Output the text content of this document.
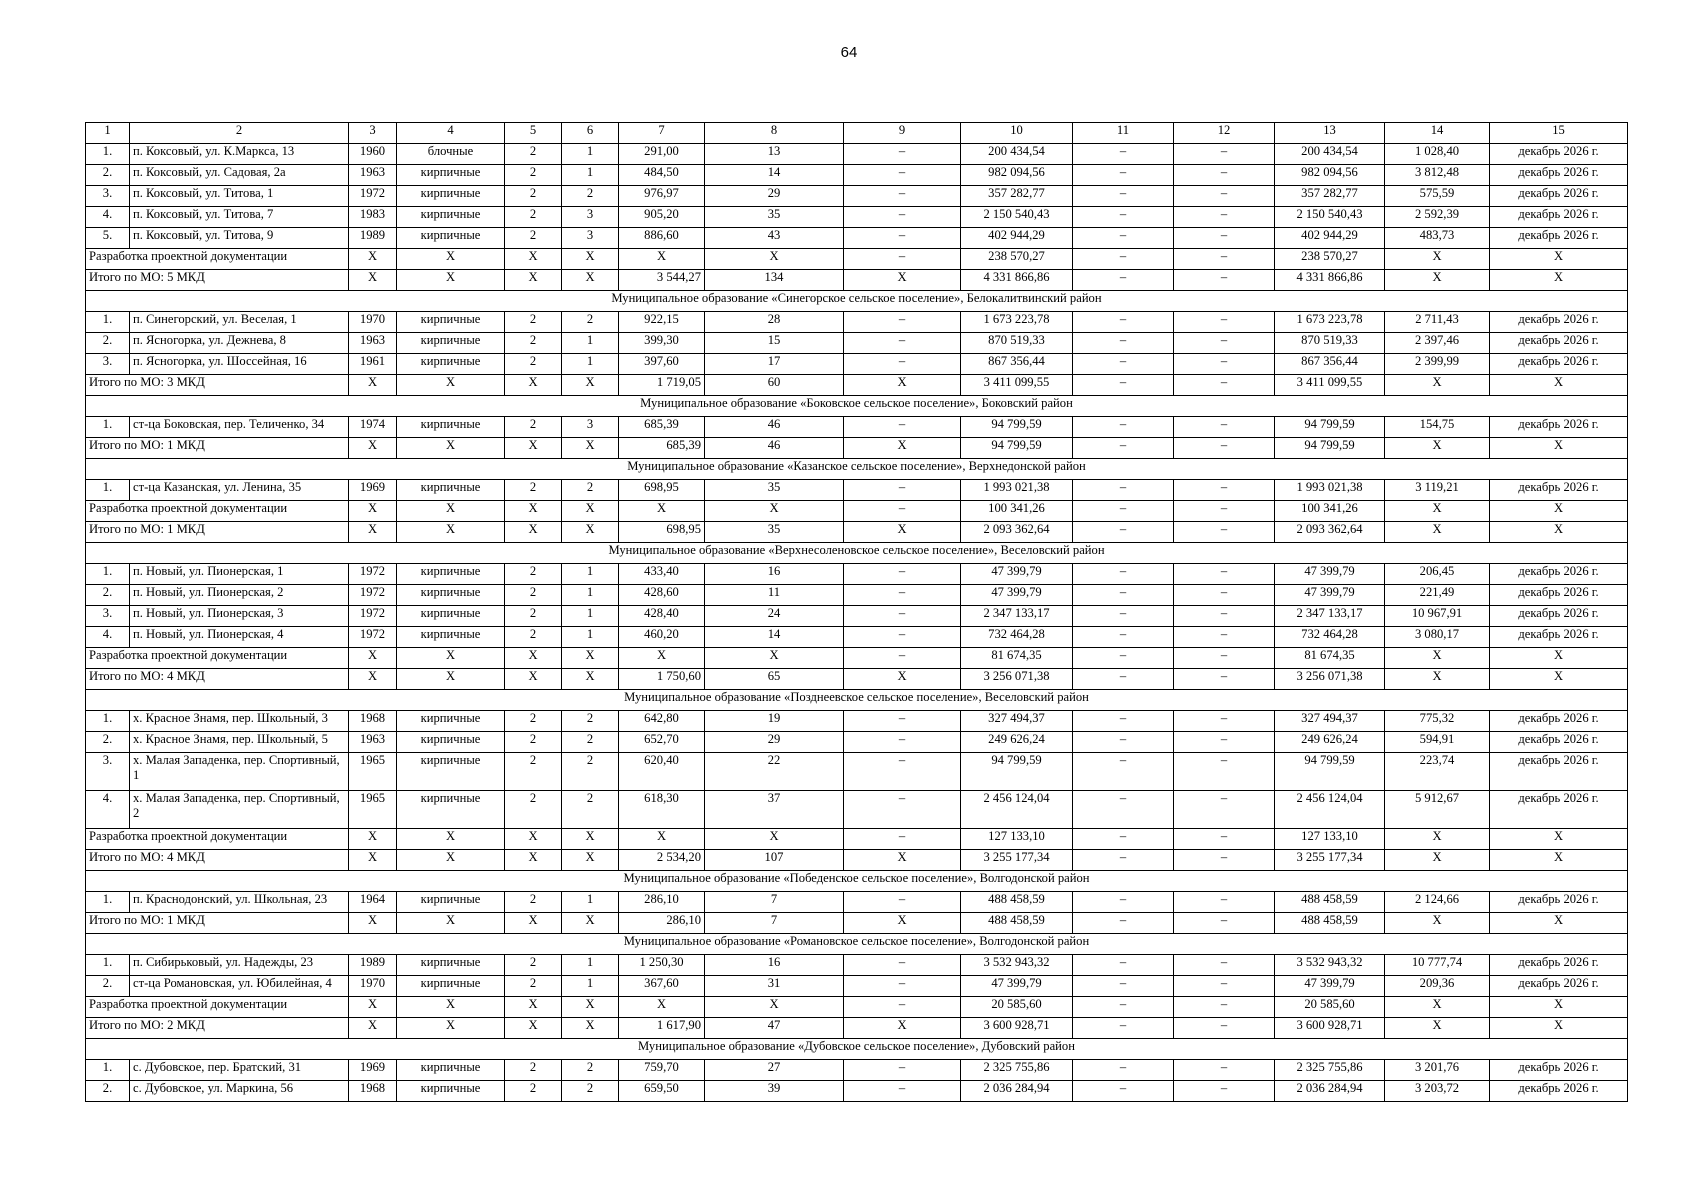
64
1	2	3	4	5	6	7	8	9	10	11	12	13	14	15
1.	п. Коксовый, ул. К.Маркса, 13	1960	блочные	2	1	291,00	13	–	200 434,54	–	–	200 434,54	1 028,40	декабрь 2026 г.
2.	п. Коксовый, ул. Садовая, 2а	1963	кирпичные	2	1	484,50	14	–	982 094,56	–	–	982 094,56	3 812,48	декабрь 2026 г.
3.	п. Коксовый, ул. Титова, 1	1972	кирпичные	2	2	976,97	29	–	357 282,77	–	–	357 282,77	575,59	декабрь 2026 г.
4.	п. Коксовый, ул. Титова, 7	1983	кирпичные	2	3	905,20	35	–	2 150 540,43	–	–	2 150 540,43	2 592,39	декабрь 2026 г.
5.	п. Коксовый, ул. Титова, 9	1989	кирпичные	2	3	886,60	43	–	402 944,29	–	–	402 944,29	483,73	декабрь 2026 г.
Разработка проектной документации		X	X	X	X	X	X	–	238 570,27	–	–	238 570,27	X	X
Итого по МО: 5 МКД		X	X	X	X	3 544,27	134	X	4 331 866,86	–	–	4 331 866,86	X	X
Муниципальное образование «Синегорское сельское поселение», Белокалитвинский район														
1.	п. Синегорский, ул. Веселая, 1	1970	кирпичные	2	2	922,15	28	–	1 673 223,78	–	–	1 673 223,78	2 711,43	декабрь 2026 г.
2.	п. Ясногорка, ул. Дежнева, 8	1963	кирпичные	2	1	399,30	15	–	870 519,33	–	–	870 519,33	2 397,46	декабрь 2026 г.
3.	п. Ясногорка, ул. Шоссейная, 16	1961	кирпичные	2	1	397,60	17	–	867 356,44	–	–	867 356,44	2 399,99	декабрь 2026 г.
Итого по МО: 3 МКД		X	X	X	X	1 719,05	60	X	3 411 099,55	–	–	3 411 099,55	X	X
Муниципальное образование «Боковское сельское поселение», Боковский район														
1.	ст-ца Боковская, пер. Теличенко, 34	1974	кирпичные	2	3	685,39	46	–	94 799,59	–	–	94 799,59	154,75	декабрь 2026 г.
Итого по МО: 1 МКД		X	X	X	X	685,39	46	X	94 799,59	–	–	94 799,59	X	X
Муниципальное образование «Казанское сельское поселение», Верхнедонской район														
1.	ст-ца Казанская, ул. Ленина, 35	1969	кирпичные	2	2	698,95	35	–	1 993 021,38	–	–	1 993 021,38	3 119,21	декабрь 2026 г.
Разработка проектной документации		X	X	X	X	X	X	–	100 341,26	–	–	100 341,26	X	X
Итого по МО: 1 МКД		X	X	X	X	698,95	35	X	2 093 362,64	–	–	2 093 362,64	X	X
Муниципальное образование «Верхнесоленовское сельское поселение», Веселовский район														
1.	п. Новый, ул. Пионерская, 1	1972	кирпичные	2	1	433,40	16	–	47 399,79	–	–	47 399,79	206,45	декабрь 2026 г.
2.	п. Новый, ул. Пионерская, 2	1972	кирпичные	2	1	428,60	11	–	47 399,79	–	–	47 399,79	221,49	декабрь 2026 г.
3.	п. Новый, ул. Пионерская, 3	1972	кирпичные	2	1	428,40	24	–	2 347 133,17	–	–	2 347 133,17	10 967,91	декабрь 2026 г.
4.	п. Новый, ул. Пионерская, 4	1972	кирпичные	2	1	460,20	14	–	732 464,28	–	–	732 464,28	3 080,17	декабрь 2026 г.
Разработка проектной документации		X	X	X	X	X	X	–	81 674,35	–	–	81 674,35	X	X
Итого по МО: 4 МКД		X	X	X	X	1 750,60	65	X	3 256 071,38	–	–	3 256 071,38	X	X
Муниципальное образование «Позднеевское сельское поселение», Веселовский район														
1.	х. Красное Знамя, пер. Школьный, 3	1968	кирпичные	2	2	642,80	19	–	327 494,37	–	–	327 494,37	775,32	декабрь 2026 г.
2.	х. Красное Знамя, пер. Школьный, 5	1963	кирпичные	2	2	652,70	29	–	249 626,24	–	–	249 626,24	594,91	декабрь 2026 г.
3.	х. Малая Западенка, пер. Спортивный, 1	1965	кирпичные	2	2	620,40	22	–	94 799,59	–	–	94 799,59	223,74	декабрь 2026 г.
4.	х. Малая Западенка, пер. Спортивный, 2	1965	кирпичные	2	2	618,30	37	–	2 456 124,04	–	–	2 456 124,04	5 912,67	декабрь 2026 г.
Разработка проектной документации		X	X	X	X	X	X	–	127 133,10	–	–	127 133,10	X	X
Итого по МО: 4 МКД		X	X	X	X	2 534,20	107	X	3 255 177,34	–	–	3 255 177,34	X	X
Муниципальное образование «Победенское сельское поселение», Волгодонской район														
1.	п. Краснодонский, ул. Школьная, 23	1964	кирпичные	2	1	286,10	7	–	488 458,59	–	–	488 458,59	2 124,66	декабрь 2026 г.
Итого по МО: 1 МКД		X	X	X	X	286,10	7	X	488 458,59	–	–	488 458,59	X	X
Муниципальное образование «Романовское сельское поселение», Волгодонской район														
1.	п. Сибирьковый, ул. Надежды, 23	1989	кирпичные	2	1	1 250,30	16	–	3 532 943,32	–	–	3 532 943,32	10 777,74	декабрь 2026 г.
2.	ст-ца Романовская, ул. Юбилейная, 4	1970	кирпичные	2	1	367,60	31	–	47 399,79	–	–	47 399,79	209,36	декабрь 2026 г.
Разработка проектной документации		X	X	X	X	X	X	–	20 585,60	–	–	20 585,60	X	X
Итого по МО: 2 МКД		X	X	X	X	1 617,90	47	X	3 600 928,71	–	–	3 600 928,71	X	X
Муниципальное образование «Дубовское сельское поселение», Дубовский район														
1.	с. Дубовское, пер. Братский, 31	1969	кирпичные	2	2	759,70	27	–	2 325 755,86	–	–	2 325 755,86	3 201,76	декабрь 2026 г.
2.	с. Дубовское, ул. Маркина, 56	1968	кирпичные	2	2	659,50	39	–	2 036 284,94	–	–	2 036 284,94	3 203,72	декабрь 2026 г.
